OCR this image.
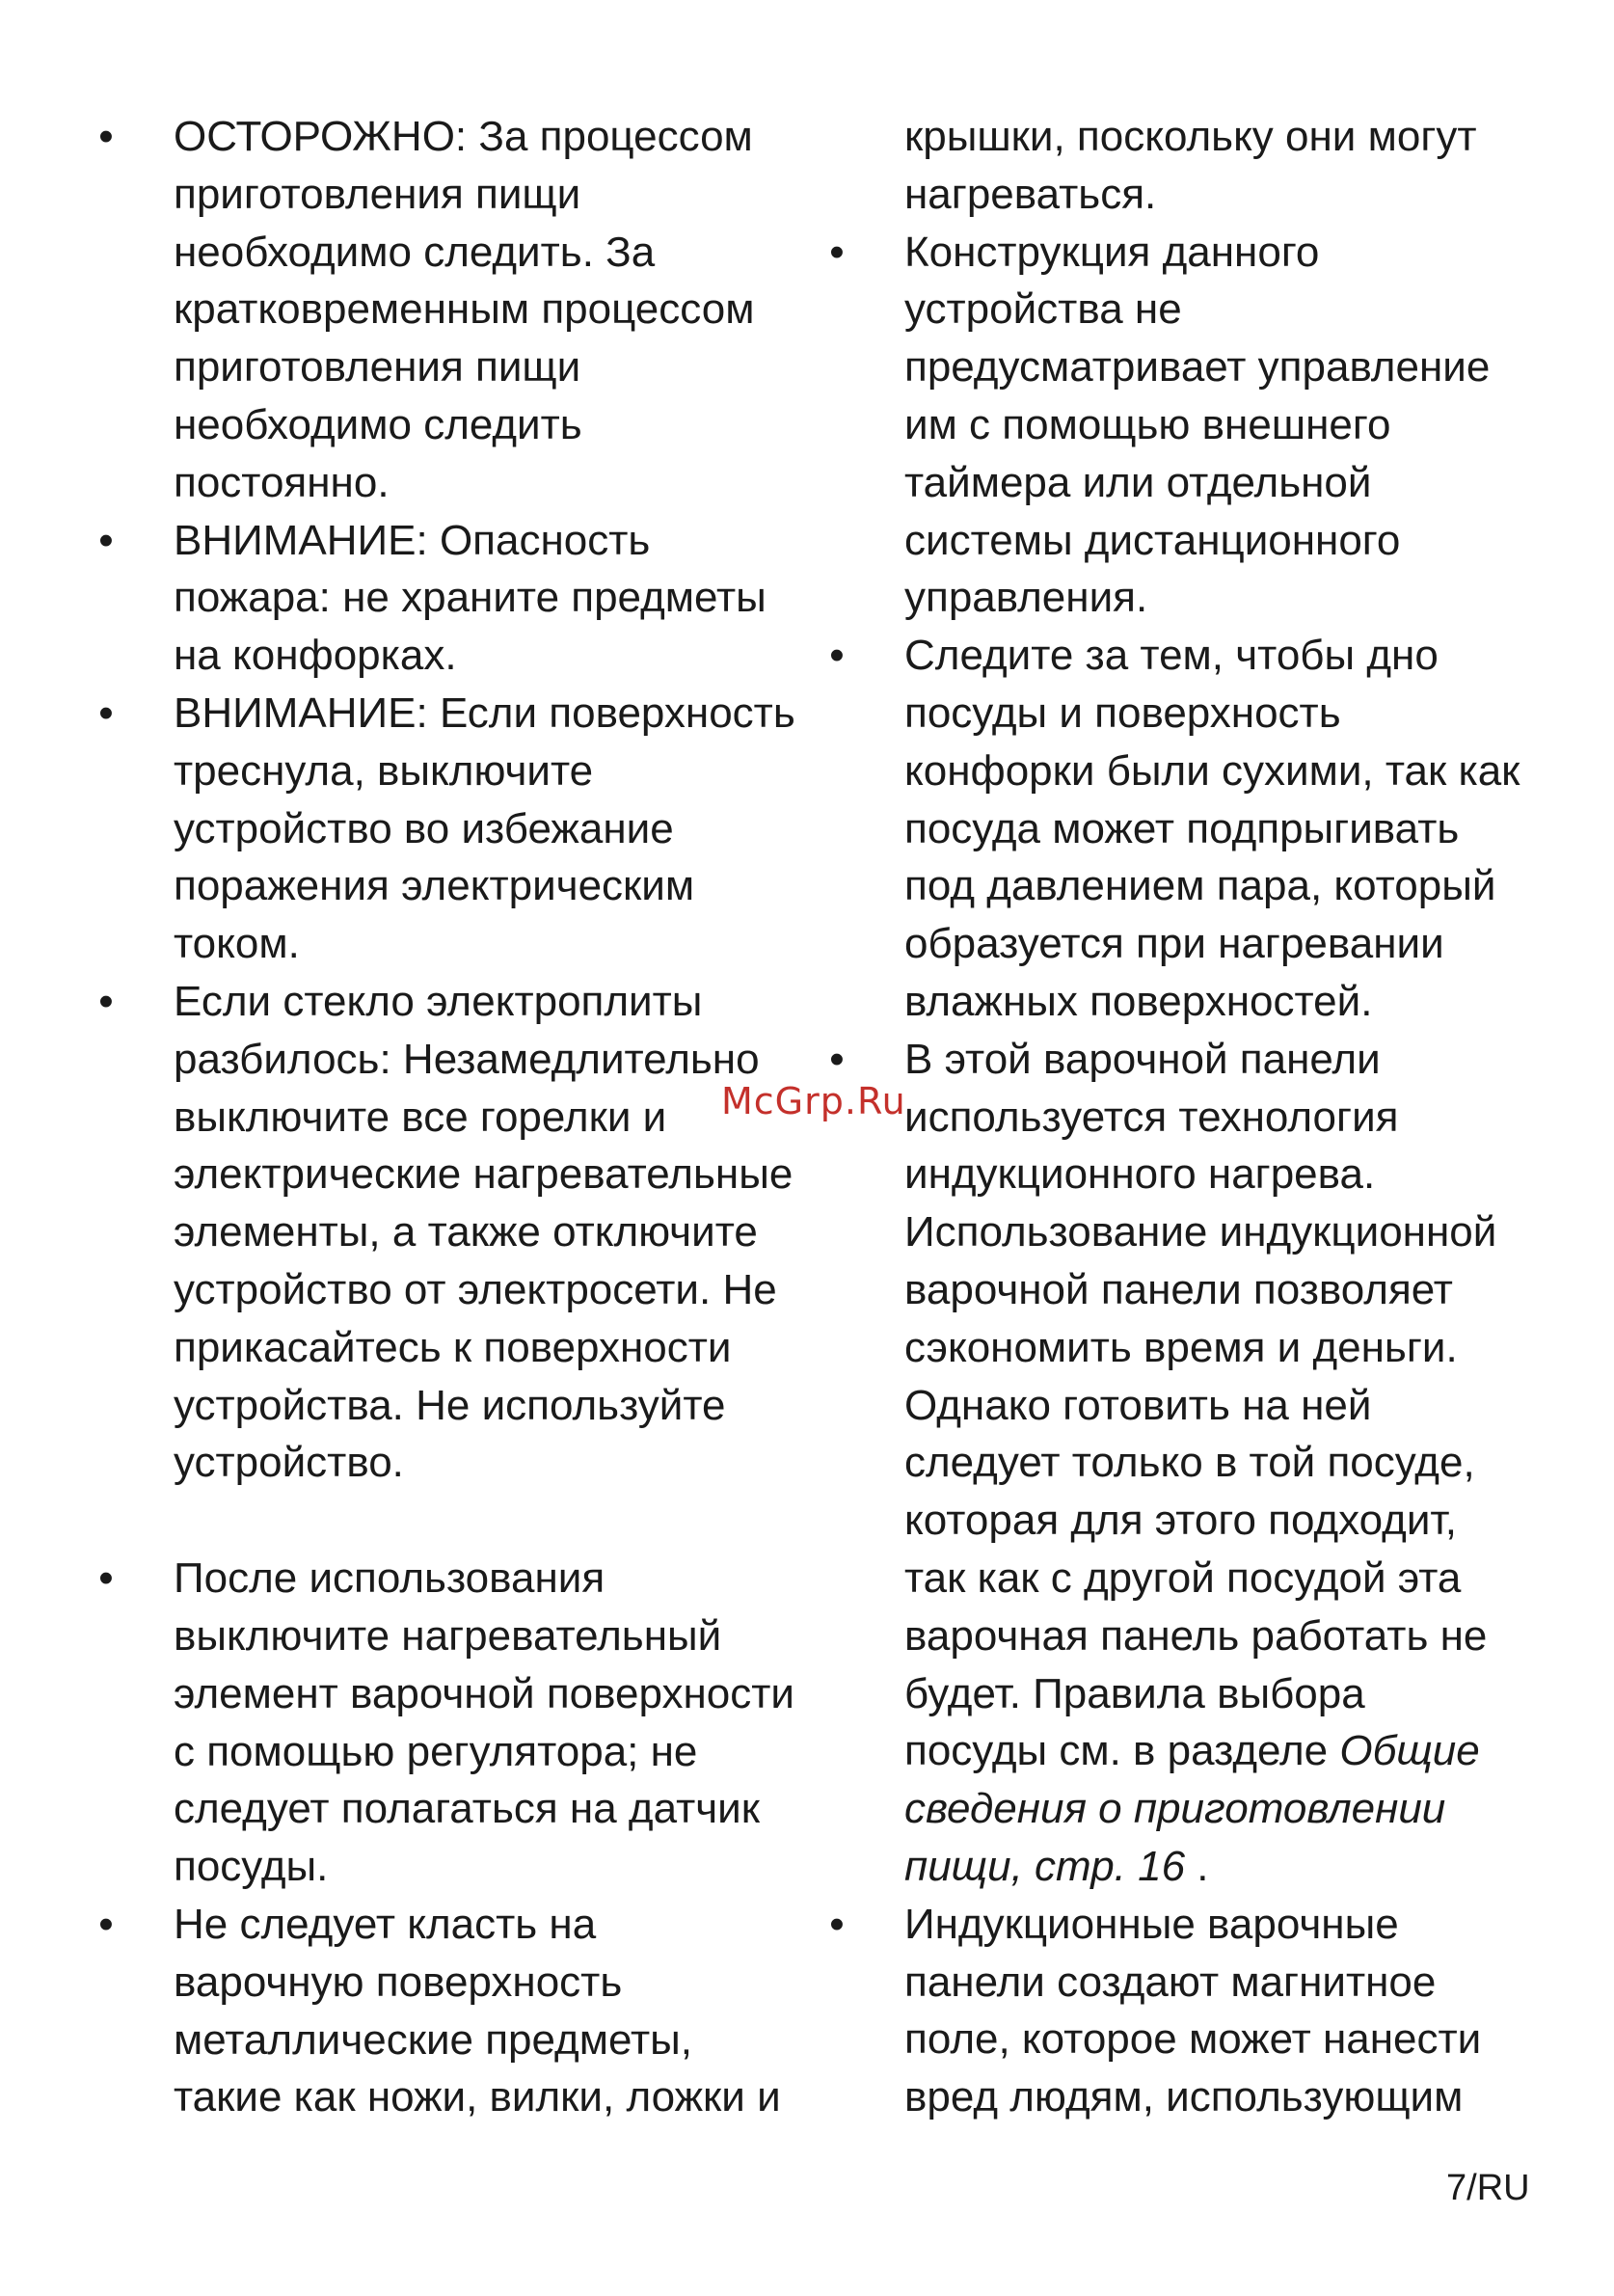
• ОСТОРОЖНО: За процессом
приготовления пищи
необходимо следить. За
кратковременным процессом
приготовления пищи
необходимо следить
постоянно.
• ВНИМАНИЕ: Опасность
пожара: не храните предметы
на конфорках.
• ВНИМАНИЕ: Если поверхность
треснула, выключите
устройство во избежание
поражения электрическим
током.
• Если стекло электроплиты
разбилось: Незамедлительно
выключите все горелки и
электрические нагревательные
элементы, а также отключите
устройство от электросети. Не
прикасайтесь к поверхности
устройства. Не используйте
устройство.
• После использования
выключите нагревательный
элемент варочной поверхности
с помощью регулятора; не
следует полагаться на датчик
посуды.
• Не следует класть на
варочную поверхность
металлические предметы,
такие как ножи, вилки, ложки и
крышки, поскольку они могут
нагреваться.
• Конструкция данного
устройства не
предусматривает управление
им с помощью внешнего
таймера или отдельной
системы дистанционного
управления.
• Следите за тем, чтобы дно
посуды и поверхность
конфорки были сухими, так как
посуда может подпрыгивать
под давлением пара, который
образуется при нагревании
влажных поверхностей.
• В этой варочной панели
используется технология
индукционного нагрева.
Использование индукционной
варочной панели позволяет
сэкономить время и деньги.
Однако готовить на ней
следует только в той посуде,
которая для этого подходит,
так как с другой посудой эта
варочная панель работать не
будет. Правила выбора
посуды см. в разделе Общие
сведения о приготовлении
пищи, стр. 16 .
• Индукционные варочные
панели создают магнитное
поле, которое может нанести
вред людям, использующим
McGrp.Ru
7/RU
